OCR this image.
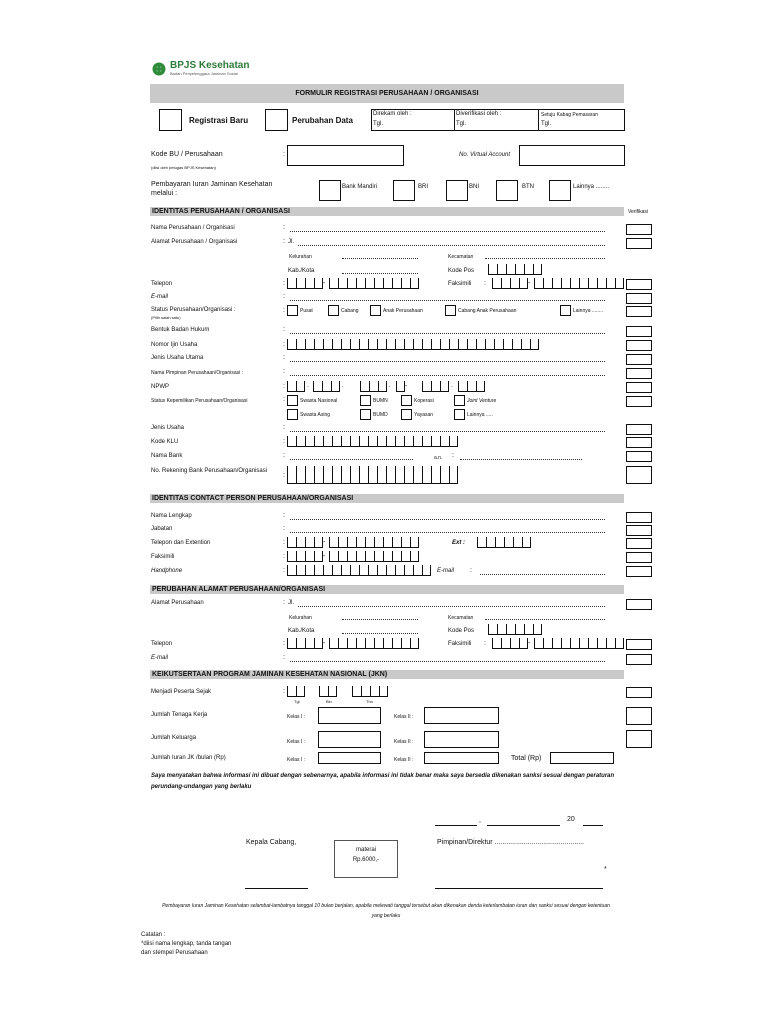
BPJS Kesehatan
Badan Penyelenggara Jaminan Sosial
FORMULIR REGISTRASI PERUSAHAAN / ORGANISASI
Registrasi Baru	Perubahan Data
Direkam oleh :
Tgl.
Diverifikasi oleh :
Tgl.
Setuju Kabag Pemasaran
Tgl.
Kode BU / Perusahaan
(diisi oleh petugas BPJS Kesehatan)
:	No. Virtual Account
Pembayaran Iuran Jaminan Kesehatan melalui :
Bank Mandiri	BRI	BNI	BTN	Lainnya ........
IDENTITAS PERUSAHAAN / ORGANISASI	Verifikasi
Nama Perusahaan / Organisasi	:
Alamat Perusahaan / Organisasi	: Jl.
Kelurahan	Kecamatan
Kab./Kota	Kode Pos
Telepon	:	-	Faksimili :	-
E-mail	:
Status Perusahaan/Organisasi :
(Pilih salah satu)
:	Pusat	Cabang	Anak Perusahaan	Cabang Anak Perusahaan	Lainnya ........
Bentuk Badan Hukum	:
Nomor Ijin Usaha	:
Jenis Usaha Utama	:
Nama Pimpinan Perusahaan/Organisasi :	:
NPWP	:	.	.	. -	.
Status Kepemilikan Perusahaan/Organisasi	:	Swasta Nasional	BUMN	Koperasi	Joint Venture
Swasta Asing	BUMD	Yayasan	Lainnya .....
Jenis Usaha	:
Kode KLU	:
Nama Bank	:	a.n. :
No. Rekening Bank Perusahaan/Organisasi
:
IDENTITAS CONTACT PERSON PERUSAHAAN/ORGANISASI
Nama Lengkap	:
Jabatan	:
Telepon dan Extention	:	-	Ext :
Faksimili	:	-
Handphone	:	E-mail :
PERUBAHAN ALAMAT PERUSAHAAN/ORGANISASI
Alamat Perusahaan	: Jl.
Kelurahan	Kecamatan
Kab./Kota	Kode Pos
Telepon	:	-	Faksimili :	-
E-mail	:
KEIKUTSERTAAN PROGRAM JAMINAN KESEHATAN NASIONAL (JKN)
Menjadi Peserta Sejak	:
Tgl	Bln	Thn
Jumlah Tenaga Kerja	Kelas I :	Kelas II :
Jumlah Keluarga
Kelas I :	Kelas II :
Jumlah Iuran JK /bulan (Rp)	Kelas I :	Kelas II :	Total (Rp)
Saya menyatakan bahwa informasi ini dibuat dengan sebenarnya, apabila informasi ini tidak benar maka saya bersedia dikenakan sanksi sesuai dengan peraturan perundang-undangan yang berlaku
,	20
Kepala Cabang,
materai Rp.6000,-
Pimpinan/Direktur ..............................................
*
Pembayaran Iuran Jaminan Kesehatan selambat-lambatnya tanggal 10 bulan berjalan, apabila melewati tanggal tersebut akan dikenakan denda keterlambatan iuran dan sanksi sesuai dengan ketentuan yang berlaku
Catatan :
*diisi nama lengkap, tanda tangan
dan stempel Perusahaan
